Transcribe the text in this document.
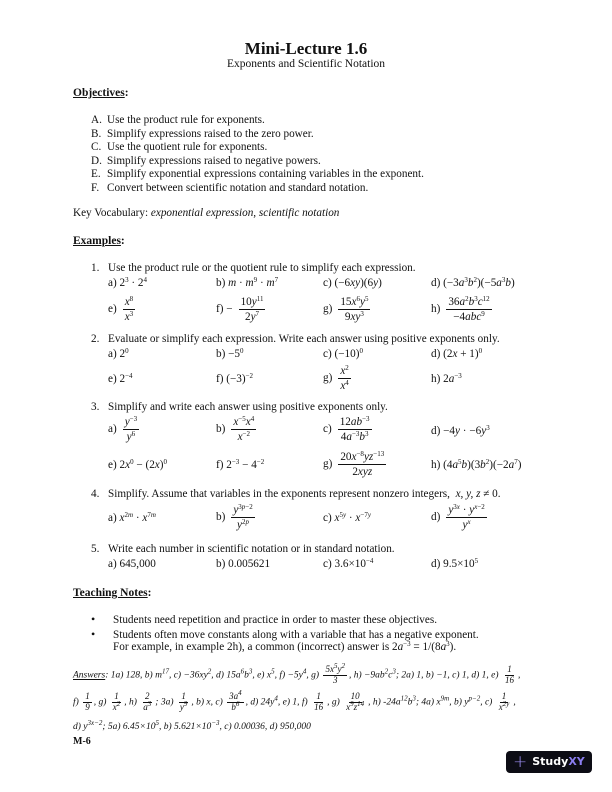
Mini-Lecture 1.6
Exponents and Scientific Notation
Objectives:
A. Use the product rule for exponents.
B. Simplify expressions raised to the zero power.
C. Use the quotient rule for exponents.
D. Simplify expressions raised to negative powers.
E. Simplify exponential expressions containing variables in the exponent.
F. Convert between scientific notation and standard notation.
Key Vocabulary: exponential expression, scientific notation
Examples:
1. Use the product rule or the quotient rule to simplify each expression.
a) $2^3 \cdot 2^4$	b) $m \cdot m^9 \cdot m^7$	c) (−6xy)(6y)	d) $(-3a^3b^2)(-5a^3b)$
$e) \frac{x^8}{x^3}$	$f) - \frac{10y^{11}}{2y^7}$	$g) \frac{15x^6y^5}{9xy^3}$	$h) \frac{36a^2b^3c^{12}}{-4abc^9}$
2. Evaluate or simplify each expression. Write each answer using positive exponents only.
a) $2^0$	$b) -5^0$	c) $(-10)^0$	d) $(2x + 1)^0$
e) $2^{-4}$	f) $(-3)^{-2}$	$g) \frac{x^2}{x^4}$	h) $2a^{-3}$
3. Simplify and write each answer using positive exponents only.
$a) \frac{y^{-3}}{y^6}$	$b) \frac{x^{-5}x^4}{x^{-2}}$	$c) \frac{12ab^{-3}}{4a^{-3}b^3}$	$d) -4y \cdot -6y^3$
e) $2x^0 - (2x)^0$	f) $2^{-3} - 4^{-2}$	$g) \frac{20x^{-8}yz^{-13}}{\text{2xyz}}$	h) $(4a^5b)(3b^2)(-2a^7)$
4. Simplify. Assume that variables in the exponents represent nonzero integers,  x, y, z ≠ 0.
a) $x^{2m} \cdot x^{7m}$	$b) \frac{y^{3p-2}}{y^{2p}}$	c) $x^{5y} \cdot x^{-7y}$	$d) \frac{y^{3x} \cdot y^{x-2}}{y^x}$
5. Write each number in scientific notation or in standard notation.
a) 645,000	b) 0.005621	c) $3.6\times 10^{-4}$	d) $9.5\times 10^5$
Teaching Notes:
• Students need repetition and practice in order to master these objectives.
• Students often move constants along with a variable that has a negative exponent.
For example, in example 2h), a common (incorrect) answer is $2a^{-3} = 1/(8a^3)$.
Answers: 1a) 128, b) $m^{17}$, $c) -36xy^2$, d) $15a^6b^3$, e) $x^5$, $f) -5y^4$, $g) \frac{5x^5y^2}{3}$ , $h) -9ab^2c^3$; 2a) 1, b) −1, c) 1, d) 1, $e) \frac{1}{16}$ ,
$f) \frac{1}{9}$ , $g) \frac{1}{x^2}$ , $h) \frac{2}{a^3}$ ; $3a) \frac{1}{y^9}$ , b) x, $c) \frac{3a^4}{b^6}$ , d) $24y^4$, e) 1, $f) \frac{1}{16}$ , $g) \frac{10}{x^9z^{14}}$ , h) $-24a^{12}b^3$; 4a) $x^{9m}$, b) $y^{p-2}$, $c) \frac{1}{x^{2y}}$ ,
d) $y^{3x-2}$; 5a) $6.45\times 10^5$, b) $5.621\times 10^{-3}$, c) 0.00036, d) 950,000
M-6
+ StudyXY
